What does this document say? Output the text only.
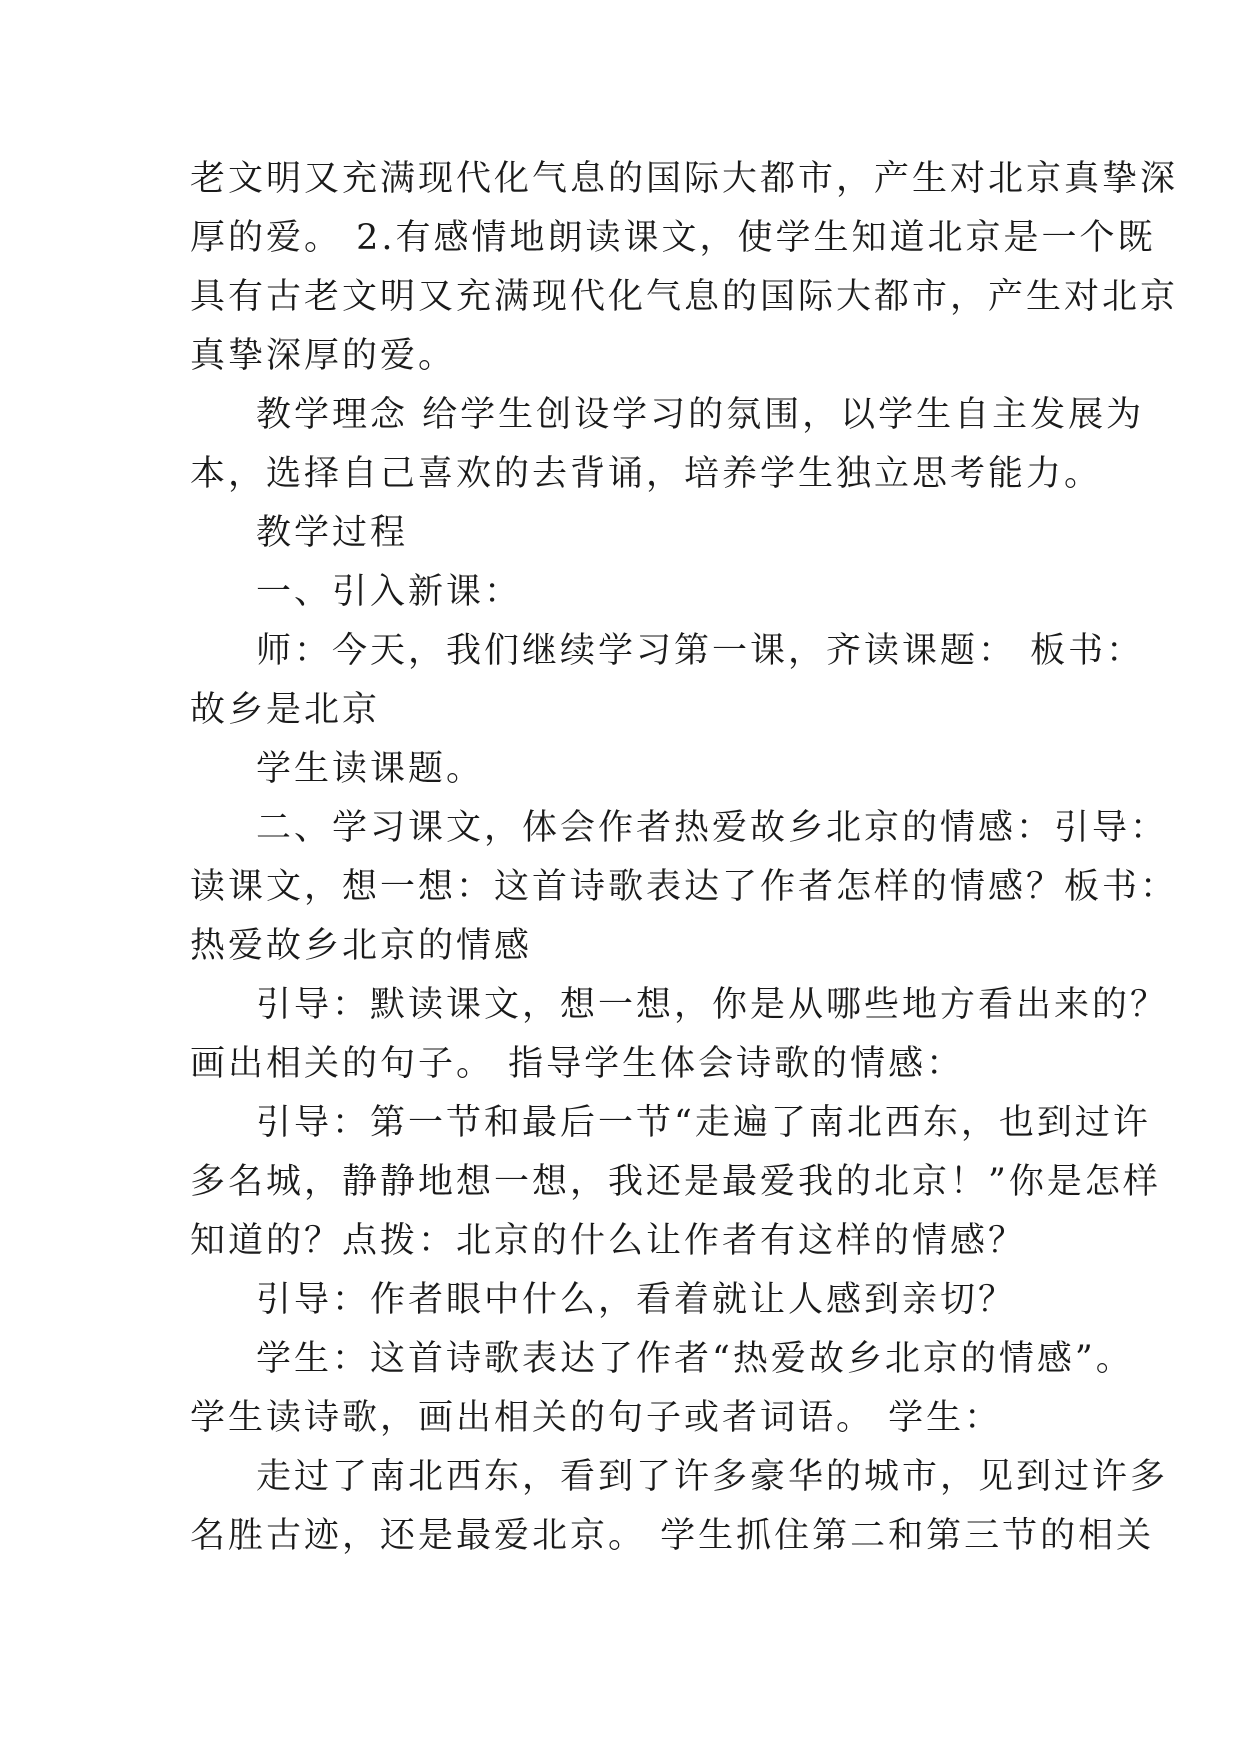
老文明又充满现代化气息的国际大都市，产生对北京真挚深
厚的爱。 2.有感情地朗读课文，使学生知道北京是一个既
具有古老文明又充满现代化气息的国际大都市，产生对北京
真挚深厚的爱。
教学理念 给学生创设学习的氛围，以学生自主发展为
本，选择自己喜欢的去背诵，培养学生独立思考能力。
教学过程
一、引入新课：
师：今天，我们继续学习第一课，齐读课题： 板书：
故乡是北京
学生读课题。
二、学习课文，体会作者热爱故乡北京的情感：引导：
读课文，想一想：这首诗歌表达了作者怎样的情感？板书：
热爱故乡北京的情感
引导：默读课文，想一想，你是从哪些地方看出来的？
画出相关的句子。 指导学生体会诗歌的情感：
引导：第一节和最后一节“走遍了南北西东，也到过许
多名城，静静地想一想，我还是最爱我的北京！”你是怎样
知道的？点拨：北京的什么让作者有这样的情感？
引导：作者眼中什么，看着就让人感到亲切？
学生：这首诗歌表达了作者“热爱故乡北京的情感”。
学生读诗歌，画出相关的句子或者词语。 学生：
走过了南北西东，看到了许多豪华的城市，见到过许多
名胜古迹，还是最爱北京。 学生抓住第二和第三节的相关
